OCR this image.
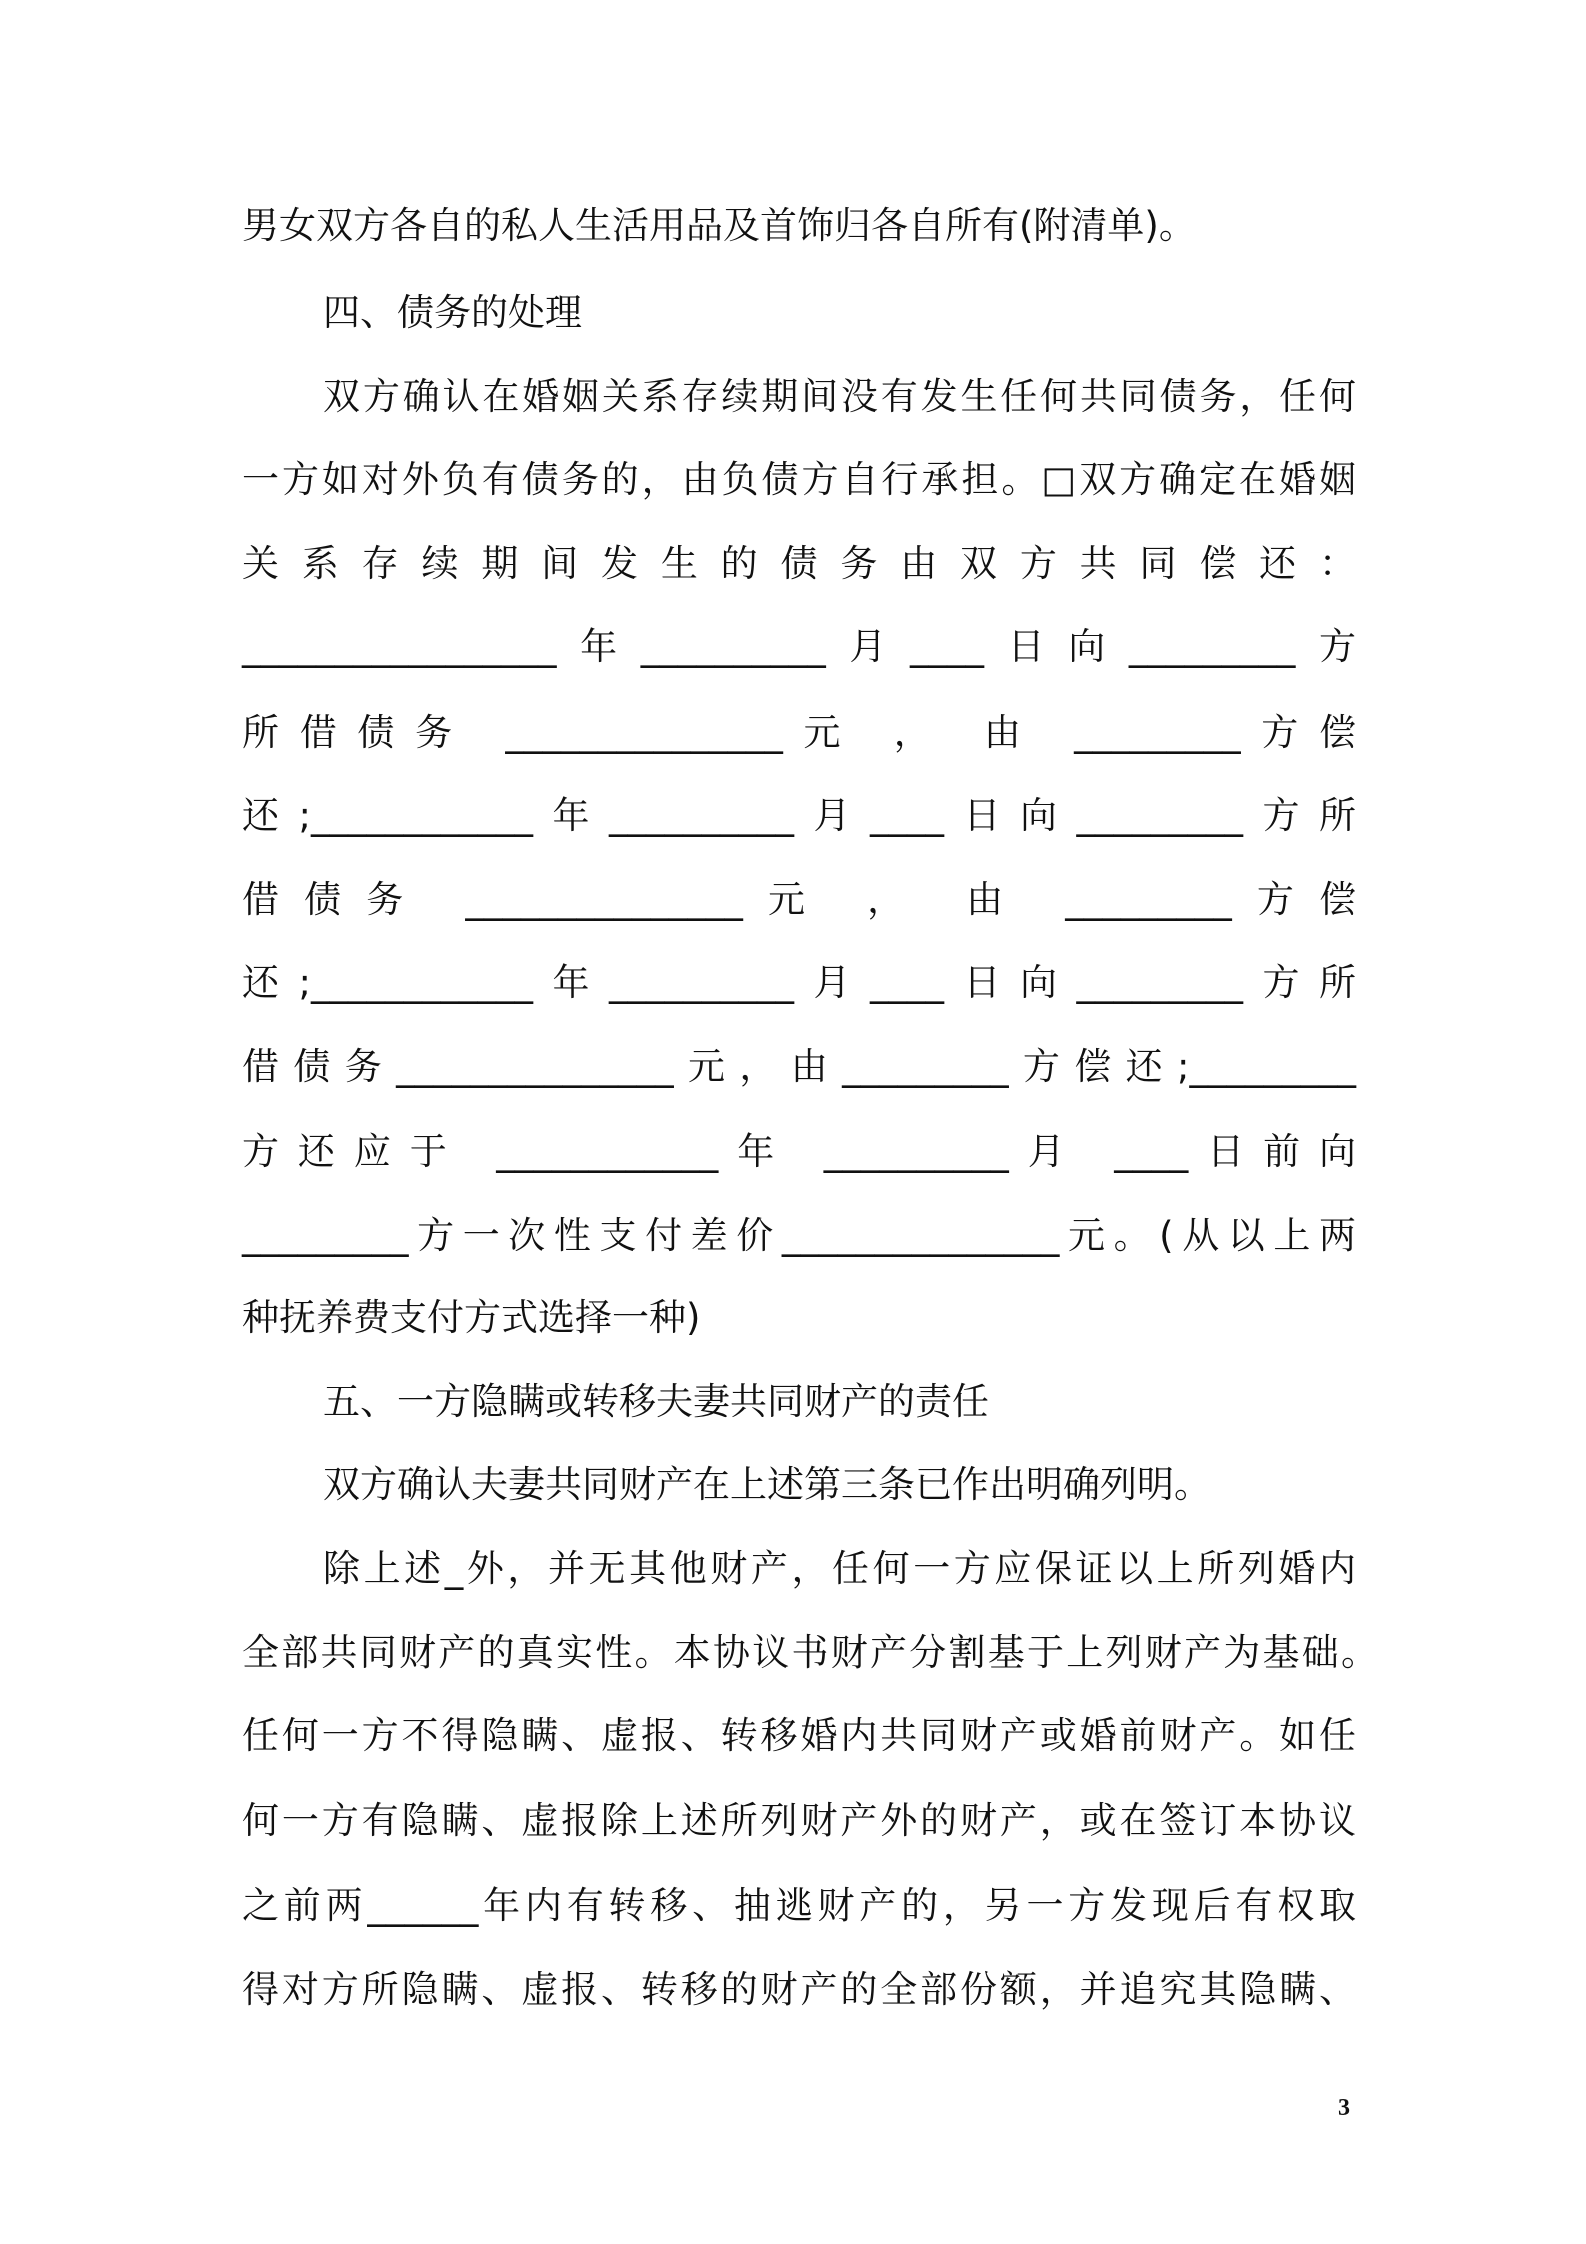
男女双方各自的私人生活用品及首饰归各自所有(附清单)。
四、债务的处理
双方确认在婚姻关系存续期间没有发生任何共同债务，任何
一方如对外负有债务的，由负债方自行承担。□双方确定在婚姻
关系存续期间发生的债务由双方共同偿还：
_________________年__________月____日向_________方
所借债务 _______________元 ， 由 _________方偿
还;____________年__________月____日向_________方所
借债务 _______________元 ， 由 _________方偿
还;____________年__________月____日向_________方所
借债务_______________元，由_________方偿还;_________
方还应于 ____________年 __________月 ____日前向
_________方一次性支付差价_______________元。(从以上两
种抚养费支付方式选择一种)
五、一方隐瞒或转移夫妻共同财产的责任
双方确认夫妻共同财产在上述第三条已作出明确列明。
除上述_外，并无其他财产，任何一方应保证以上所列婚内
全部共同财产的真实性。本协议书财产分割基于上列财产为基础。
任何一方不得隐瞒、虚报、转移婚内共同财产或婚前财产。如任
何一方有隐瞒、虚报除上述所列财产外的财产，或在签订本协议
之前两______年内有转移、抽逃财产的，另一方发现后有权取
得对方所隐瞒、虚报、转移的财产的全部份额，并追究其隐瞒、
3
